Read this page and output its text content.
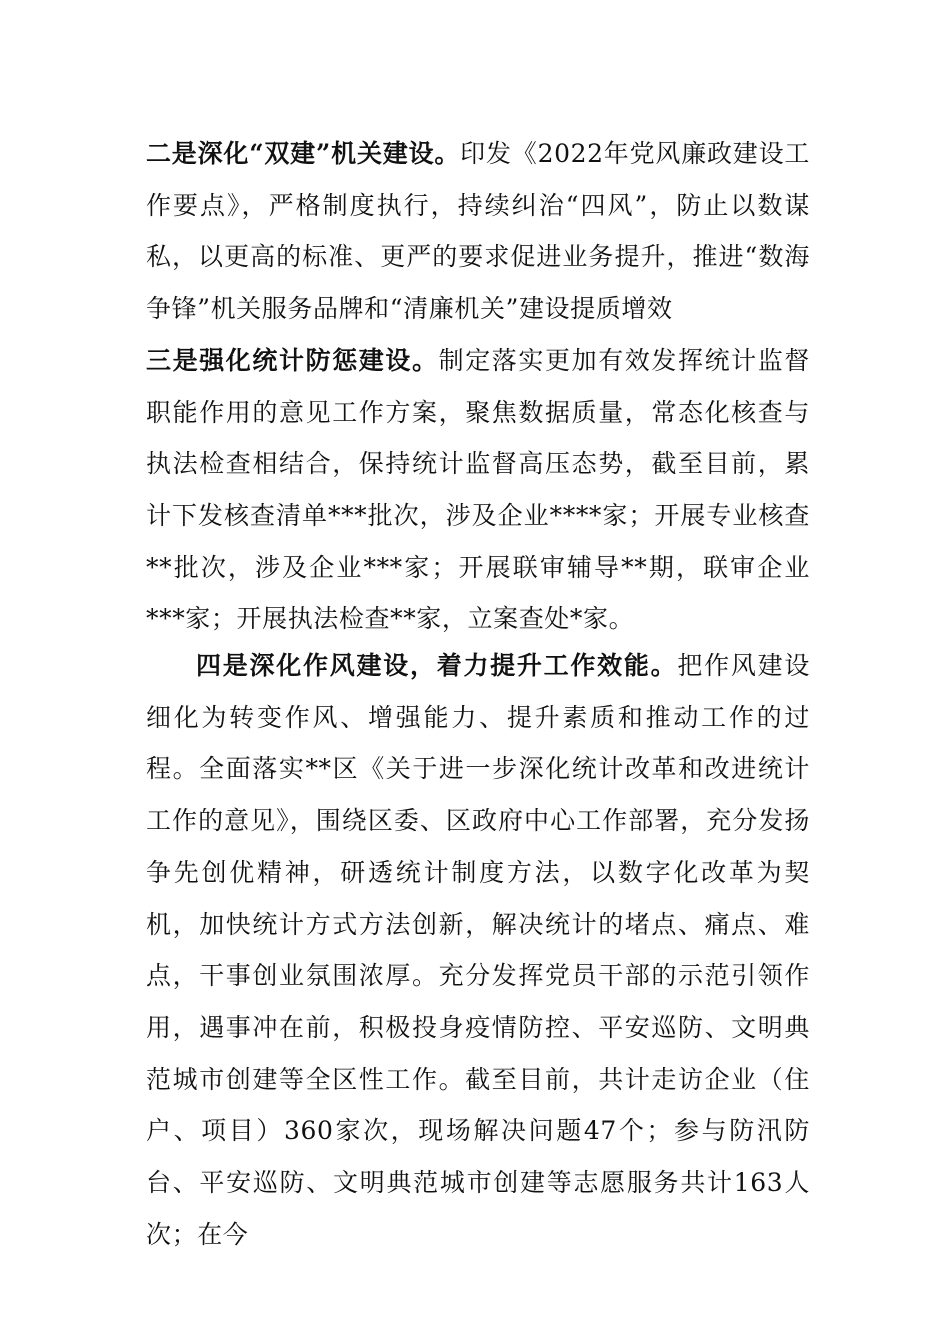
二是深化“双建”机关建设。印发《2022年党风廉政建设工作要点》，严格制度执行，持续纠治“四风”，防止以数谋私，以更高的标准、更严的要求促进业务提升，推进“数海争锋”机关服务品牌和“清廉机关”建设提质增效

三是强化统计防惩建设。制定落实更加有效发挥统计监督职能作用的意见工作方案，聚焦数据质量，常态化核查与执法检查相结合，保持统计监督高压态势，截至目前，累计下发核查清单***批次，涉及企业****家；开展专业核查**批次，涉及企业***家；开展联审辅导**期，联审企业***家；开展执法检查**家，立案查处*家。

四是深化作风建设，着力提升工作效能。把作风建设细化为转变作风、增强能力、提升素质和推动工作的过程。全面落实**区《关于进一步深化统计改革和改进统计工作的意见》，围绕区委、区政府中心工作部署，充分发扬争先创优精神，研透统计制度方法，以数字化改革为契机，加快统计方式方法创新，解决统计的堵点、痛点、难点，干事创业氛围浓厚。充分发挥党员干部的示范引领作用，遇事冲在前，积极投身疫情防控、平安巡防、文明典范城市创建等全区性工作。截至目前，共计走访企业（住户、项目）360家次，现场解决问题47个；参与防汛防台、平安巡防、文明典范城市创建等志愿服务共计163人次；在今
